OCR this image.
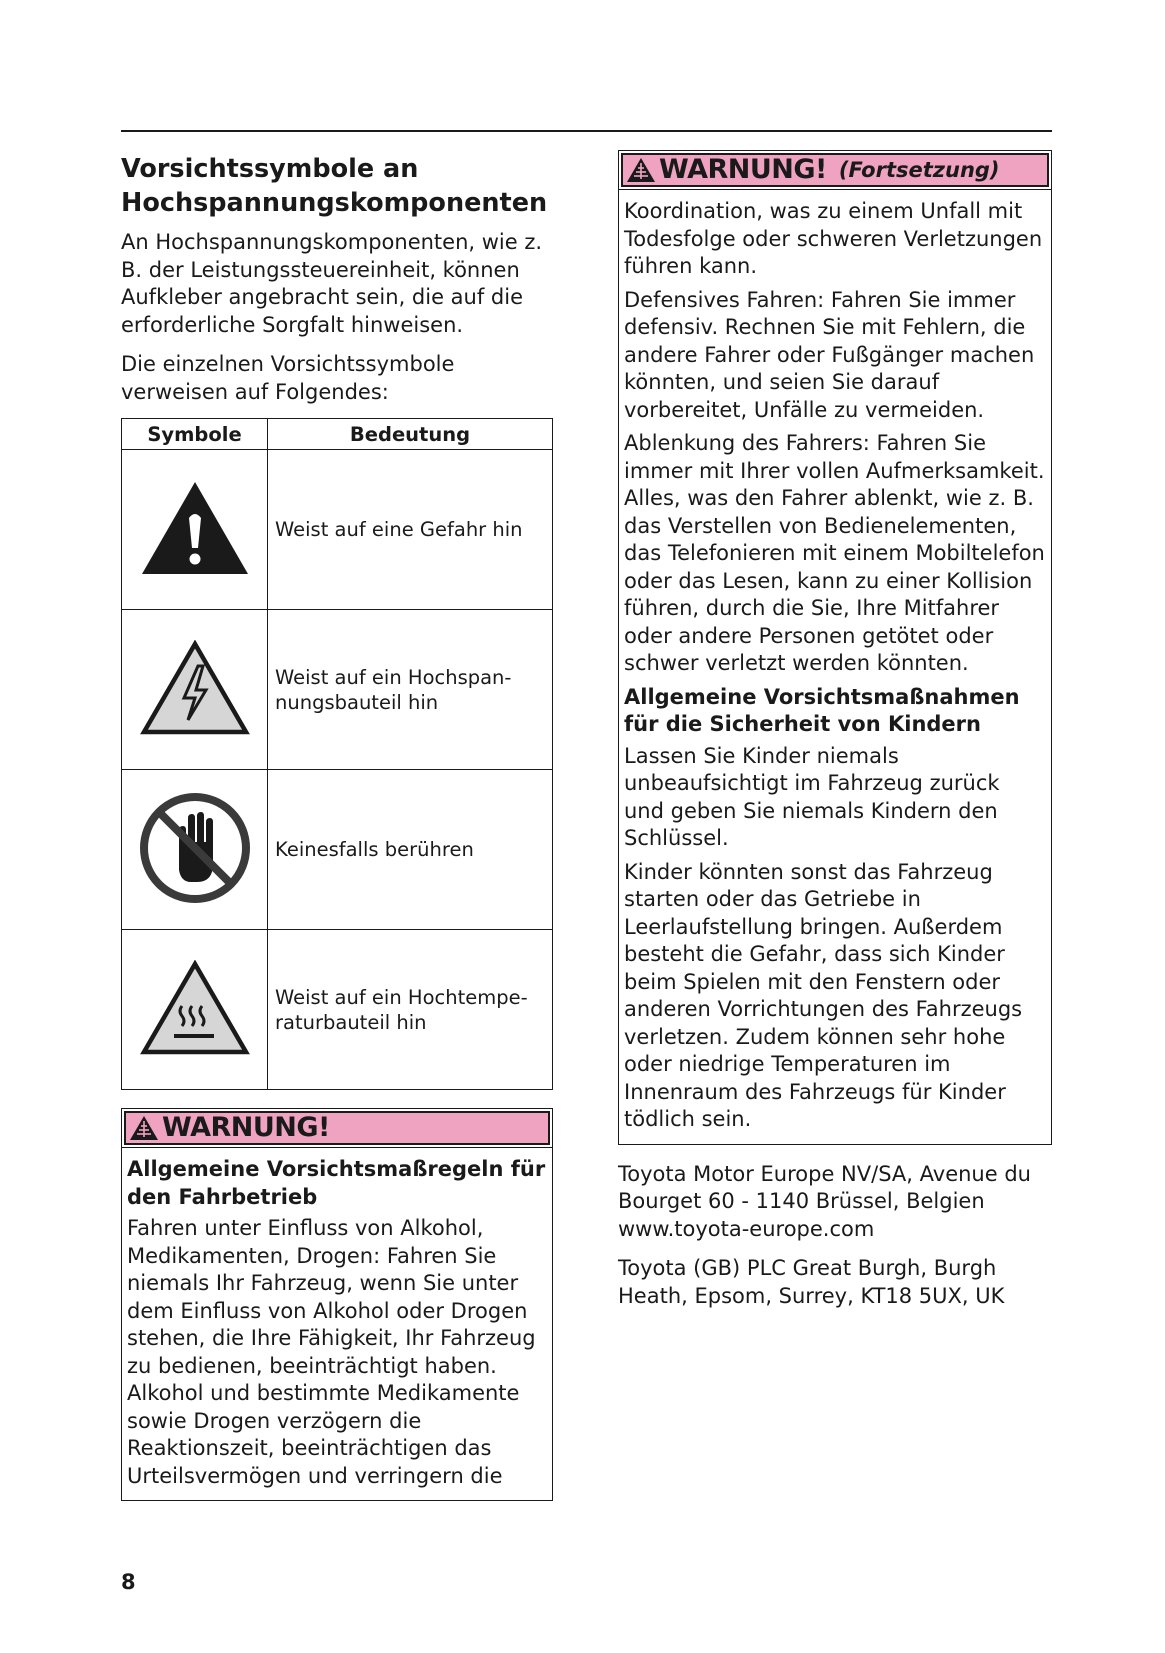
Vorsichtssymbole an
Hochspannungskomponenten

An Hochspannungskomponenten, wie z. B. der Leistungssteuereinheit, können Aufkleber angebracht sein, die auf die erforderliche Sorgfalt hinweisen.

Die einzelnen Vorsichtssymbole verweisen auf Folgendes:

Symbole	Bedeutung
	Weist auf eine Gefahr hin
	Weist auf ein Hochspan-
nungsbauteil hin
	Keinesfalls berühren
	Weist auf ein Hochtempe-
raturbauteil hin
WARNUNG!

Allgemeine Vorsichtsmaßregeln für den Fahrbetrieb

Fahren unter Einfluss von Alkohol, Medikamenten, Drogen: Fahren Sie niemals Ihr Fahrzeug, wenn Sie unter dem Einfluss von Alkohol oder Drogen stehen, die Ihre Fähigkeit, Ihr Fahrzeug zu bedienen, beeinträchtigt haben. Alkohol und bestimmte Medikamente sowie Drogen verzögern die Reaktionszeit, beeinträchtigen das Urteilsvermögen und verringern die

WARNUNG! (Fortsetzung)

Koordination, was zu einem Unfall mit Todesfolge oder schweren Verletzungen führen kann.

Defensives Fahren: Fahren Sie immer defensiv. Rechnen Sie mit Fehlern, die andere Fahrer oder Fußgänger machen könnten, und seien Sie darauf vorbereitet, Unfälle zu vermeiden.

Ablenkung des Fahrers: Fahren Sie immer mit Ihrer vollen Aufmerksamkeit. Alles, was den Fahrer ablenkt, wie z. B. das Verstellen von Bedienelementen, das Telefonieren mit einem Mobiltelefon oder das Lesen, kann zu einer Kollision führen, durch die Sie, Ihre Mitfahrer oder andere Personen getötet oder schwer verletzt werden könnten.

Allgemeine Vorsichtsmaßnahmen für die Sicherheit von Kindern

Lassen Sie Kinder niemals unbeaufsichtigt im Fahrzeug zurück und geben Sie niemals Kindern den Schlüssel.

Kinder könnten sonst das Fahrzeug starten oder das Getriebe in Leerlaufstellung bringen. Außerdem besteht die Gefahr, dass sich Kinder beim Spielen mit den Fenstern oder anderen Vorrichtungen des Fahrzeugs verletzen. Zudem können sehr hohe oder niedrige Temperaturen im Innenraum des Fahrzeugs für Kinder tödlich sein.

Toyota Motor Europe NV/SA, Avenue du Bourget 60 - 1140 Brüssel, Belgien www.toyota-europe.com

Toyota (GB) PLC Great Burgh, Burgh Heath, Epsom, Surrey, KT18 5UX, UK

8
